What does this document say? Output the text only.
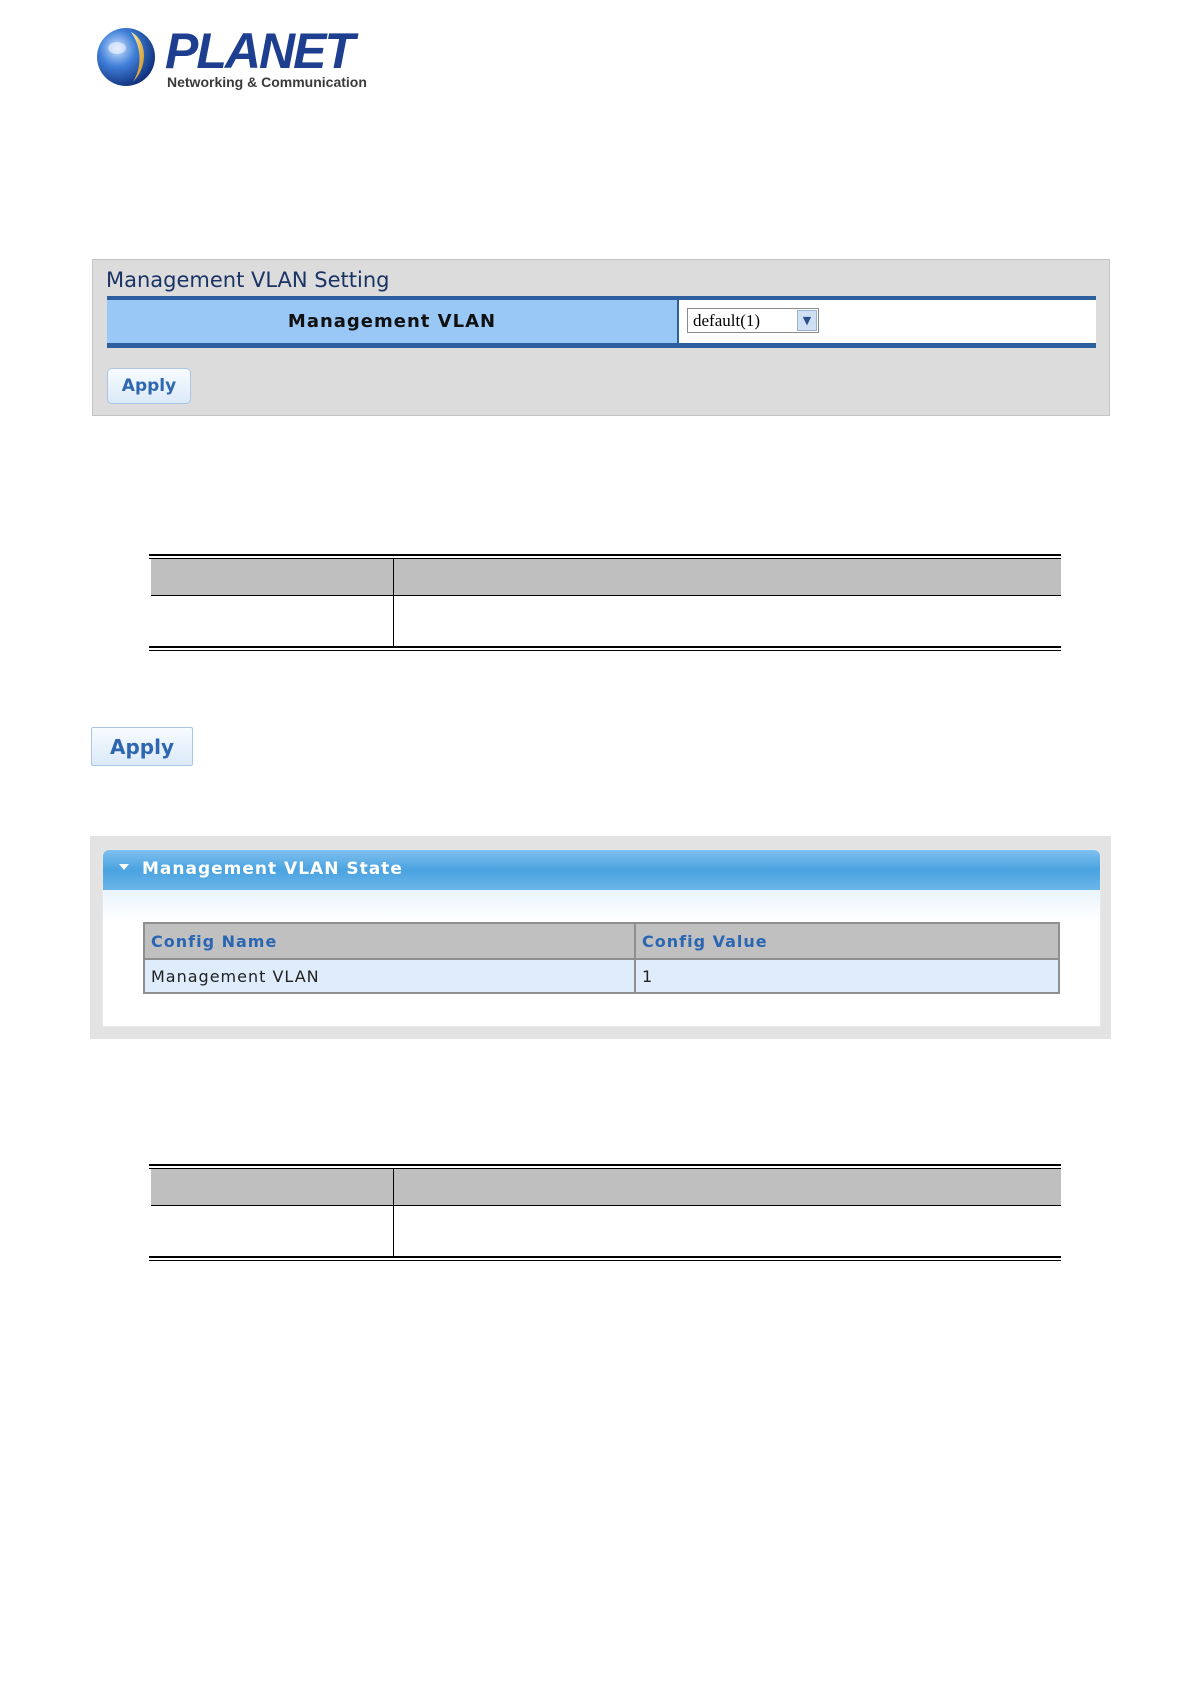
PLANET
Networking & Communication
Management VLAN Setting
Management VLAN	default(1)	▼
Apply
Apply
Management VLAN State
Config Name	Config Value
Management VLAN	1
